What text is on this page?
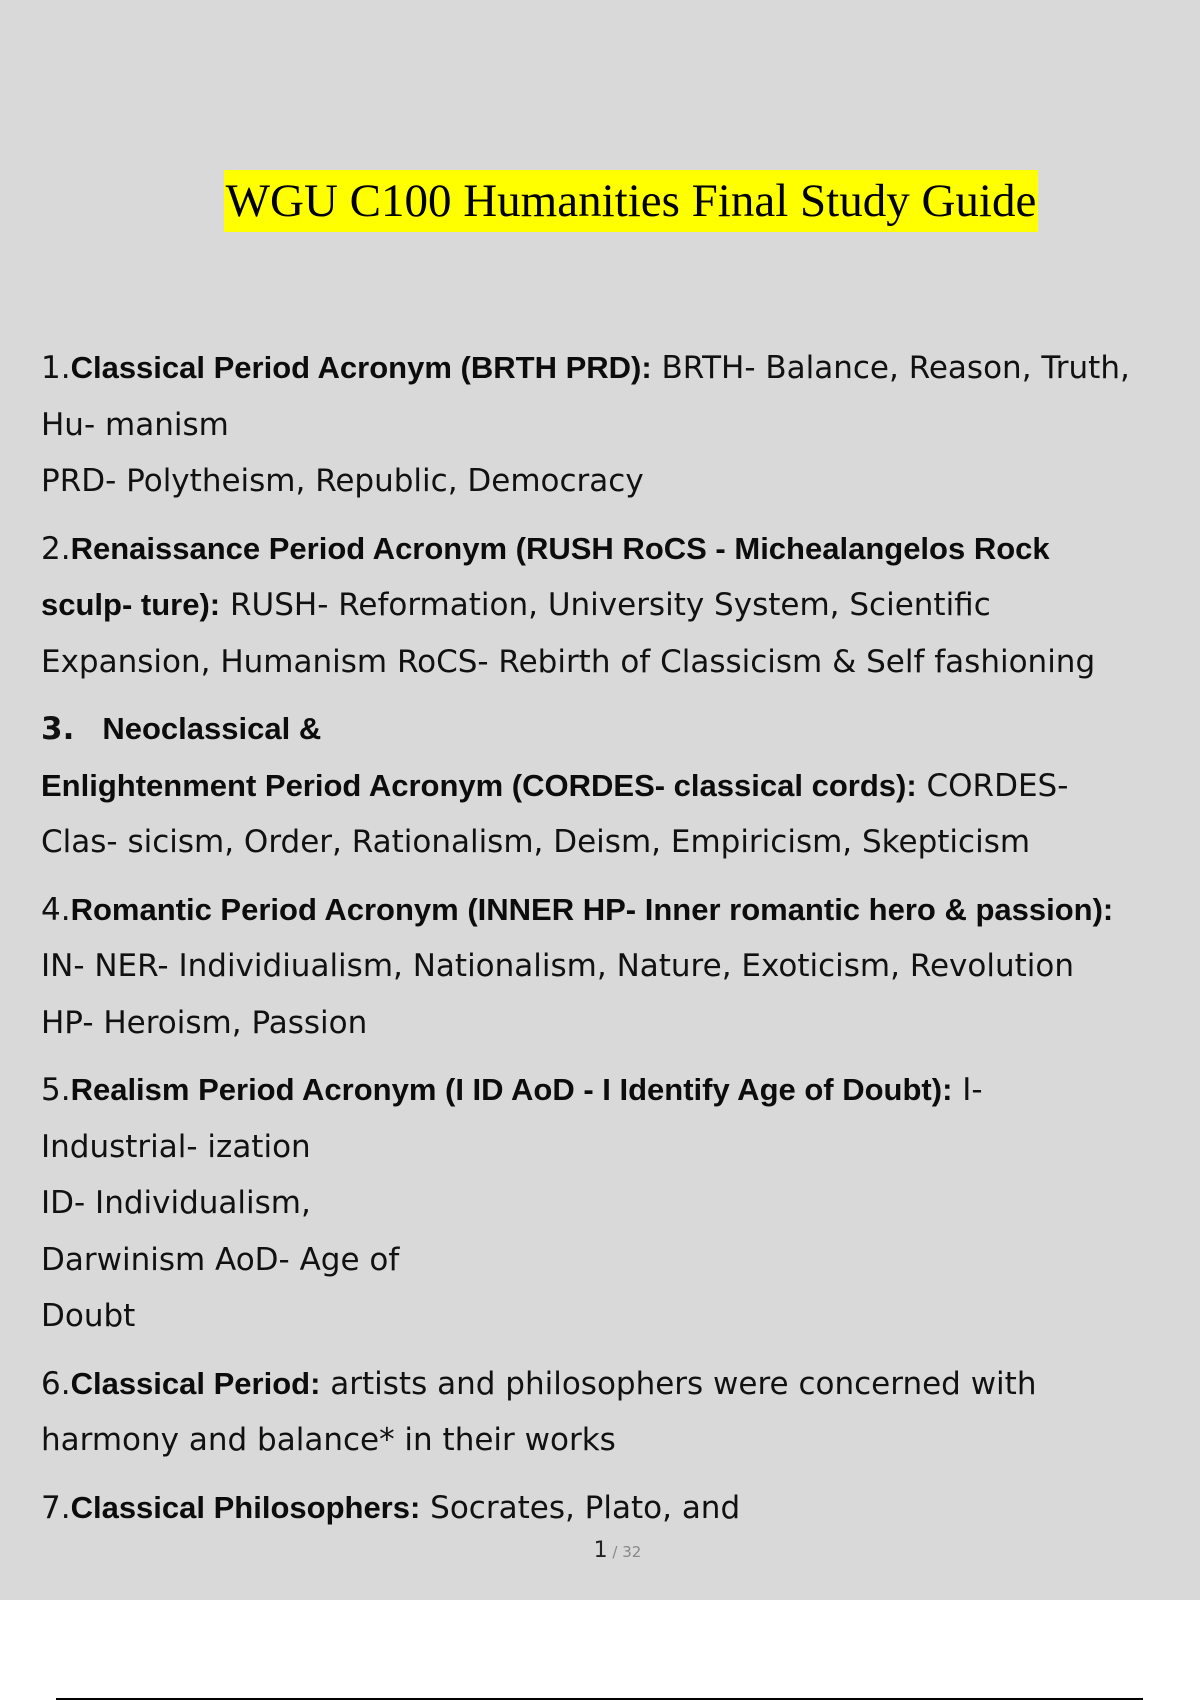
WGU C100 Humanities Final Study Guide
1.Classical Period Acronym (BRTH PRD): BRTH- Balance, Reason, Truth,
Hu- manism
PRD- Polytheism, Republic, Democracy
2.Renaissance Period Acronym (RUSH RoCS - Michealangelos Rock
sculp- ture): RUSH- Reformation, University System, Scientific
Expansion, Humanism RoCS- Rebirth of Classicism & Self fashioning
3. Neoclassical &
Enlightenment Period Acronym (CORDES- classical cords): CORDES-
Clas- sicism, Order, Rationalism, Deism, Empiricism, Skepticism
4.Romantic Period Acronym (INNER HP- Inner romantic hero & passion):
IN- NER- Individiualism, Nationalism, Nature, Exoticism, Revolution
HP- Heroism, Passion
5.Realism Period Acronym (I ID AoD - I Identify Age of Doubt): I-
Industrial- ization
ID- Individualism,
Darwinism AoD- Age of
Doubt
6.Classical Period: artists and philosophers were concerned with
harmony and balance* in their works
7.Classical Philosophers: Socrates, Plato, and
1 / 32
